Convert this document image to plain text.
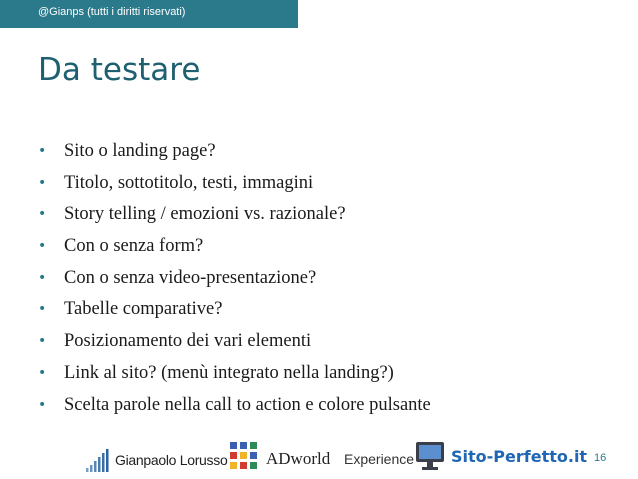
@Gianps (tutti i diritti riservati)
Da testare
• Sito o landing page?
• Titolo, sottotitolo, testi, immagini
• Story telling / emozioni vs. razionale?
• Con o senza form?
• Con o senza video-presentazione?
• Tabelle comparative?
• Posizionamento dei vari elementi
• Link al sito? (menù integrato nella landing?)
• Scelta parole nella call to action e colore pulsante
Gianpaolo Lorusso ADworld Experience Sito-Perfetto.it 16
